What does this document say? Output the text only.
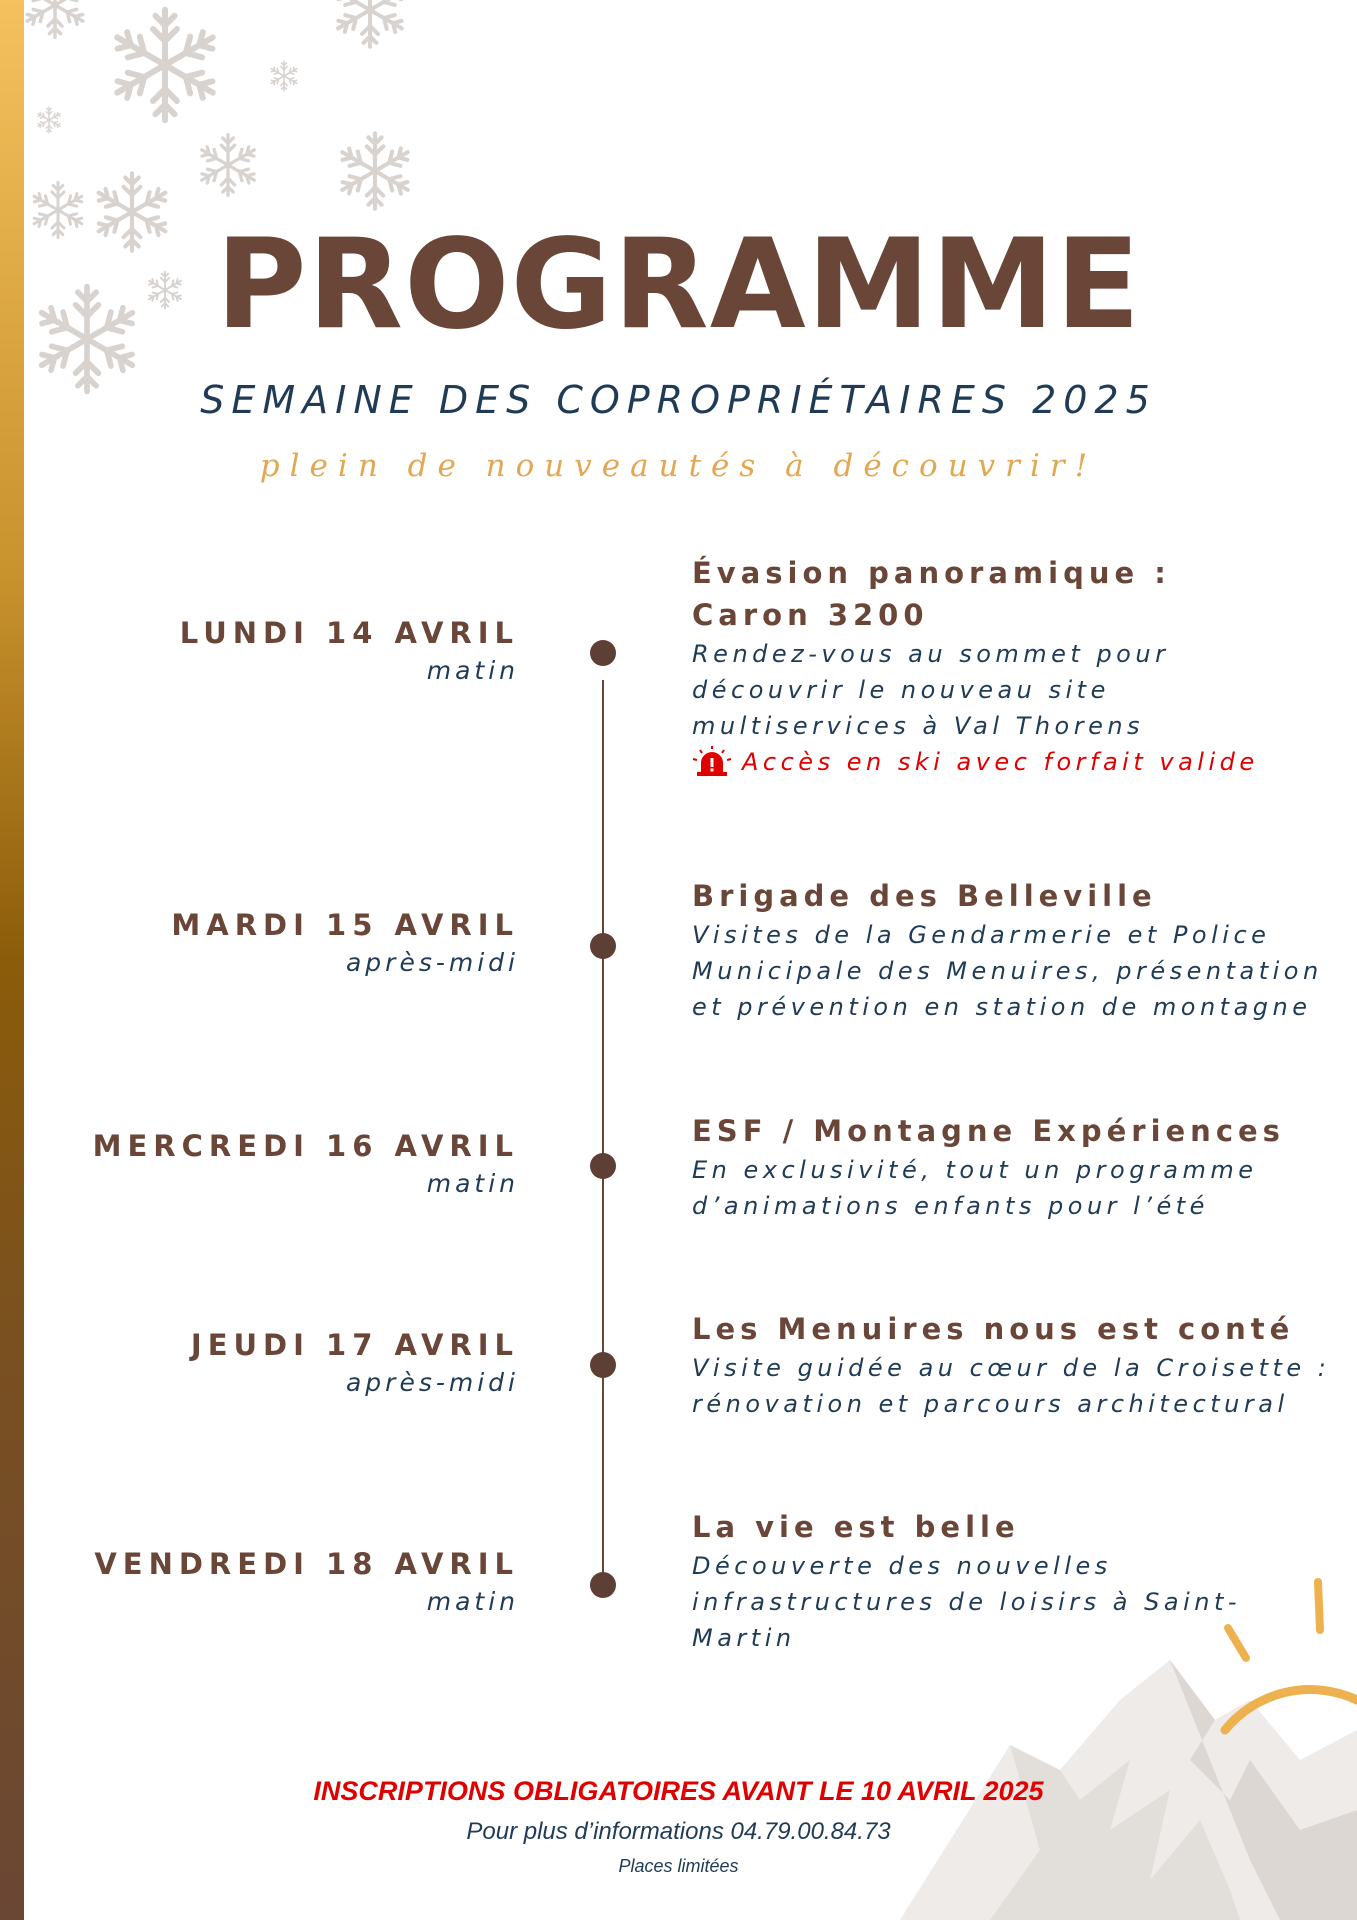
PROGRAMME
SEMAINE DES COPROPRIÉTAIRES 2025
plein de nouveautés à découvrir!
LUNDI 14 AVRIL
matin
Évasion panoramique :
Caron 3200
Rendez-vous au sommet pour
découvrir le nouveau site
multiservices à Val Thorens
Accès en ski avec forfait valide
MARDI 15 AVRIL
après-midi
Brigade des Belleville
Visites de la Gendarmerie et Police
Municipale des Menuires, présentation
et prévention en station de montagne
MERCREDI 16 AVRIL
matin
ESF / Montagne Expériences
En exclusivité, tout un programme
d’animations enfants pour l’été
JEUDI 17 AVRIL
après-midi
Les Menuires nous est conté
Visite guidée au cœur de la Croisette :
rénovation et parcours architectural
VENDREDI 18 AVRIL
matin
La vie est belle
Découverte des nouvelles
infrastructures de loisirs à Saint-
Martin
INSCRIPTIONS OBLIGATOIRES AVANT LE 10 AVRIL 2025
Pour plus d’informations 04.79.00.84.73
Places limitées
